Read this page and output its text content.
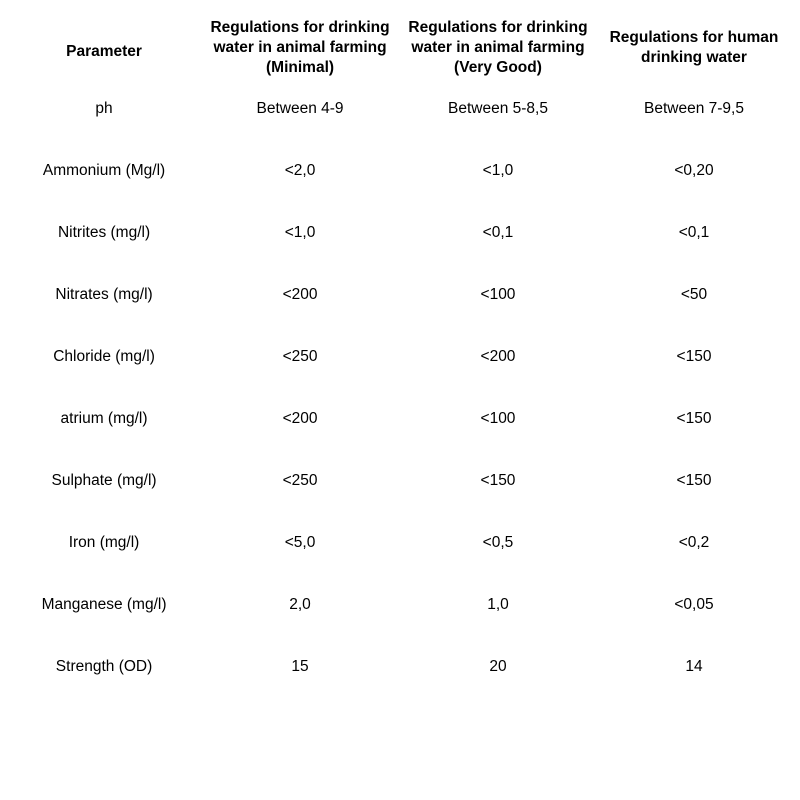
Parameter	Regulations for drinking water in animal farming (Minimal)	Regulations for drinking water in animal farming (Very Good)	Regulations for human drinking water
ph	Between 4-9	Between 5-8,5	Between 7-9,5
Ammonium (Mg/l)	<2,0	<1,0	<0,20
Nitrites (mg/l)	<1,0	<0,1	<0,1
Nitrates (mg/l)	<200	<100	<50
Chloride (mg/l)	<250	<200	<150
atrium (mg/l)	<200	<100	<150
Sulphate (mg/l)	<250	<150	<150
Iron (mg/l)	<5,0	<0,5	<0,2
Manganese (mg/l)	2,0	1,0	<0,05
Strength (OD)	15	20	14
